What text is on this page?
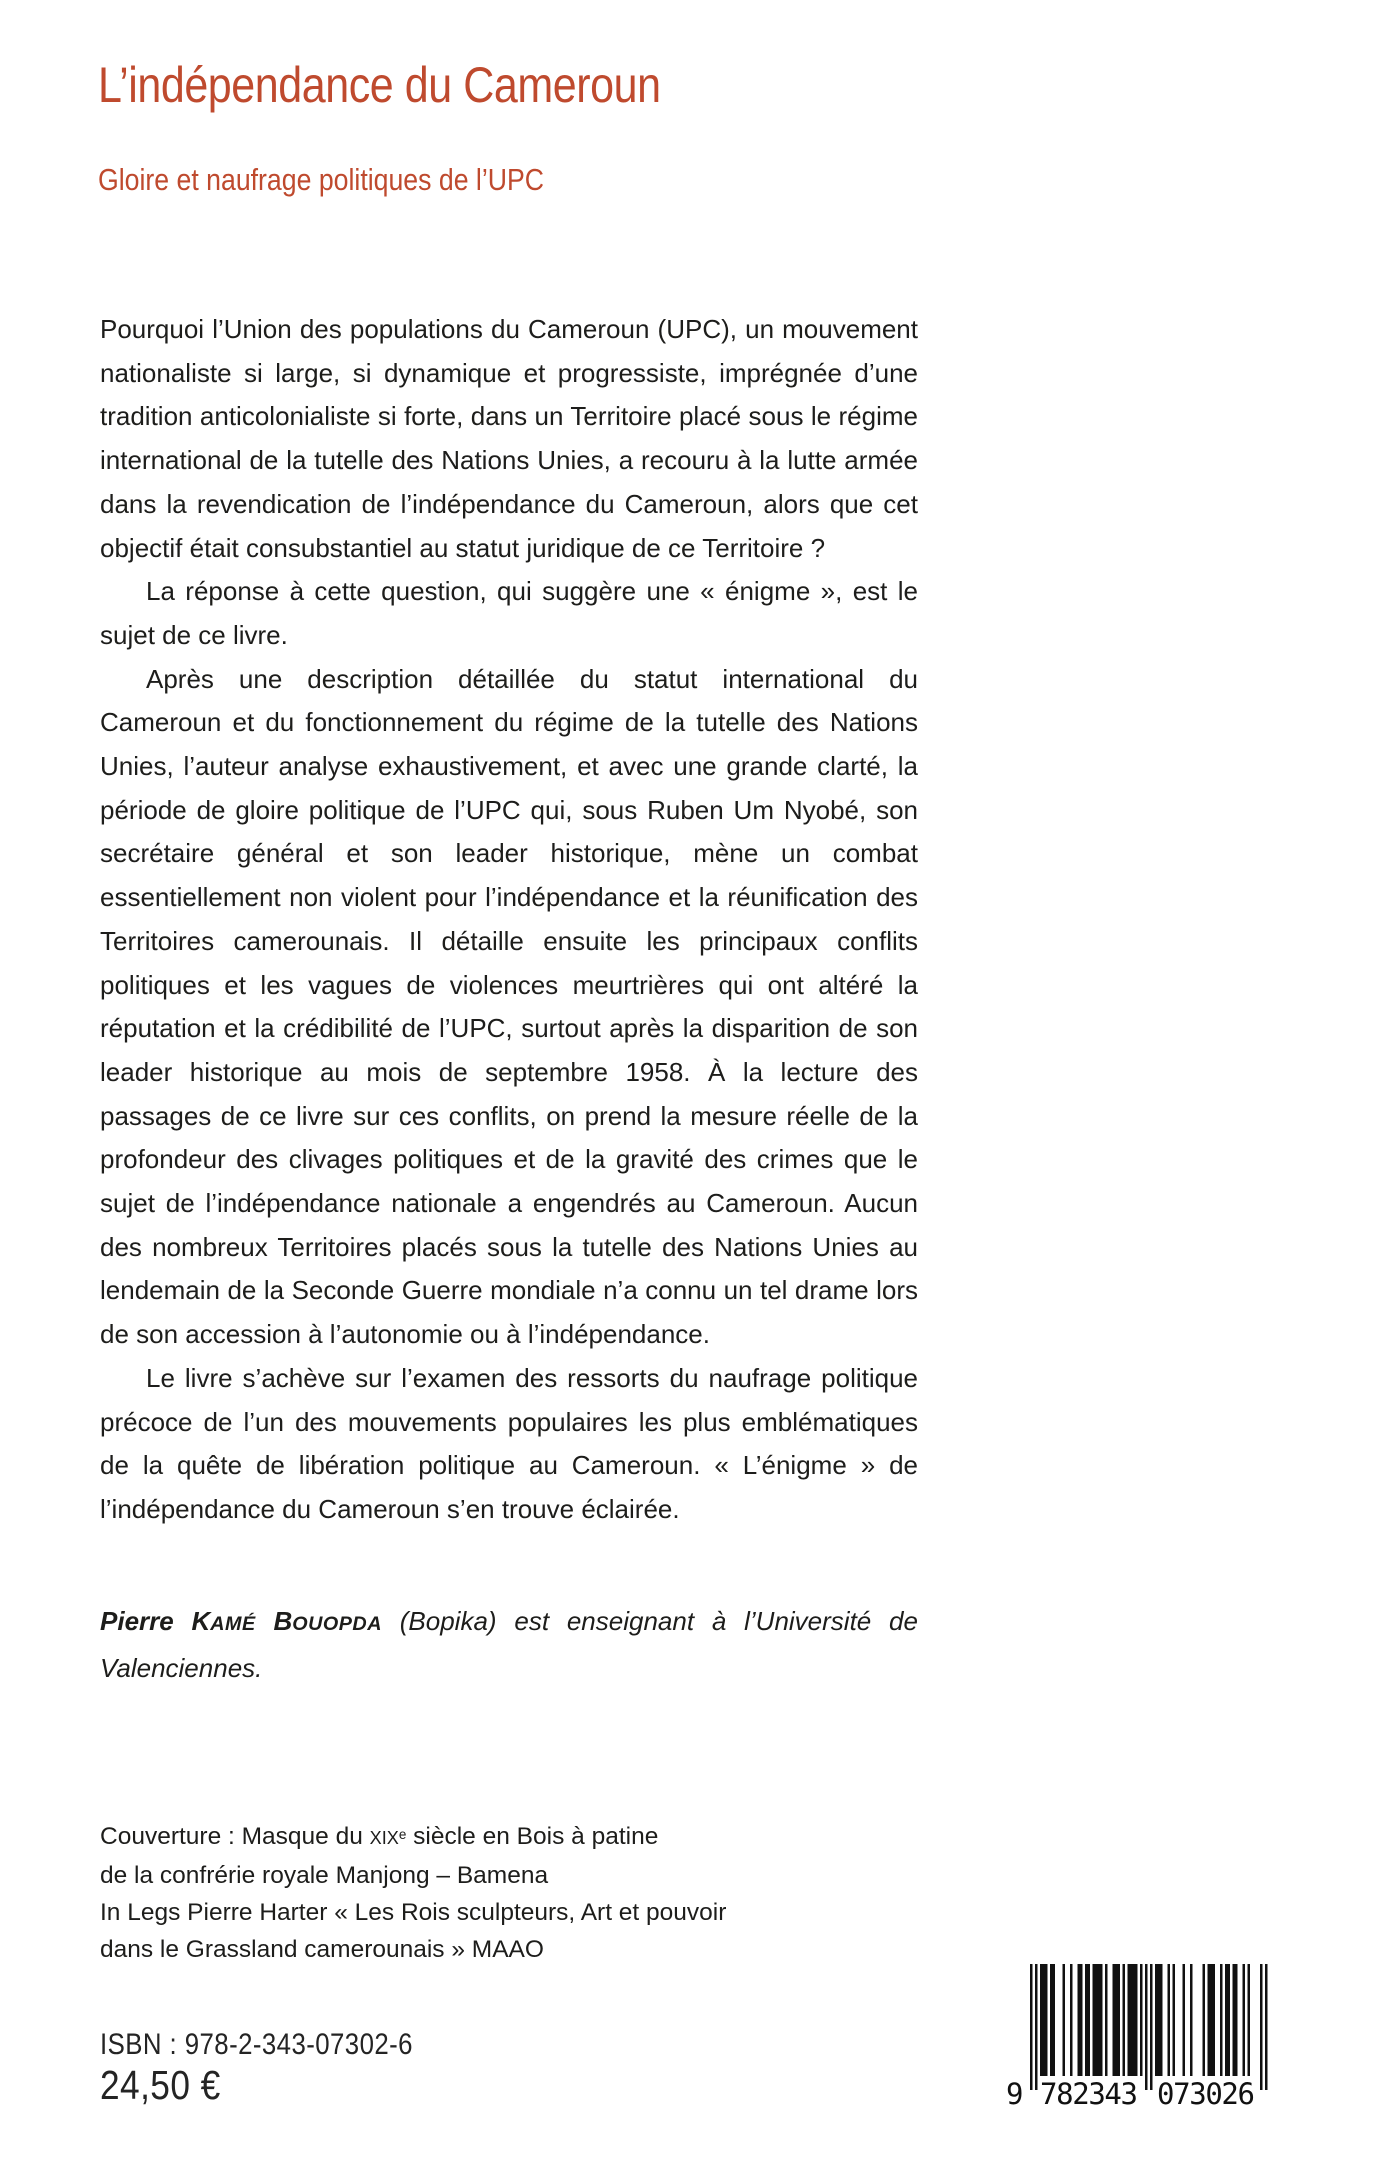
L’indépendance du Cameroun
Gloire et naufrage politiques de l’UPC

Pourquoi l’Union des populations du Cameroun (UPC), un mouvement nationaliste si large, si dynamique et progressiste, imprégnée d’une tradition anticolonialiste si forte, dans un Territoire placé sous le régime international de la tutelle des Nations Unies, a recouru à la lutte armée dans la revendication de l’indépendance du Cameroun, alors que cet objectif était consubstantiel au statut juridique de ce Territoire ?

La réponse à cette question, qui suggère une « énigme », est le sujet de ce livre.

Après une description détaillée du statut international du Cameroun et du fonctionnement du régime de la tutelle des Nations Unies, l’auteur analyse exhaustivement, et avec une grande clarté, la période de gloire politique de l’UPC qui, sous Ruben Um Nyobé, son secrétaire général et son leader historique, mène un combat essentiellement non violent pour l’indépendance et la réunification des Territoires camerounais. Il détaille ensuite les principaux conflits politiques et les vagues de violences meurtrières qui ont altéré la réputation et la crédibilité de l’UPC, surtout après la disparition de son leader historique au mois de septembre 1958. À la lecture des passages de ce livre sur ces conflits, on prend la mesure réelle de la profondeur des clivages politiques et de la gravité des crimes que le sujet de l’indépendance nationale a engendrés au Cameroun. Aucun des nombreux Territoires placés sous la tutelle des Nations Unies au lendemain de la Seconde Guerre mondiale n’a connu un tel drame lors de son accession à l’autonomie ou à l’indépendance.

Le livre s’achève sur l’examen des ressorts du naufrage politique précoce de l’un des mouvements populaires les plus emblématiques de la quête de libération politique au Cameroun. « L’énigme » de l’indépendance du Cameroun s’en trouve éclairée.

Pierre KAMÉ BOUOPDA (Bopika) est enseignant à l’Université de Valenciennes.

Couverture : Masque du XIXe siècle en Bois à patine
de la confrérie royale Manjong – Bamena
In Legs Pierre Harter « Les Rois sculpteurs, Art et pouvoir
dans le Grassland camerounais » MAAO
ISBN : 978-2-343-07302-6
24,50 €	9 782343 073026
